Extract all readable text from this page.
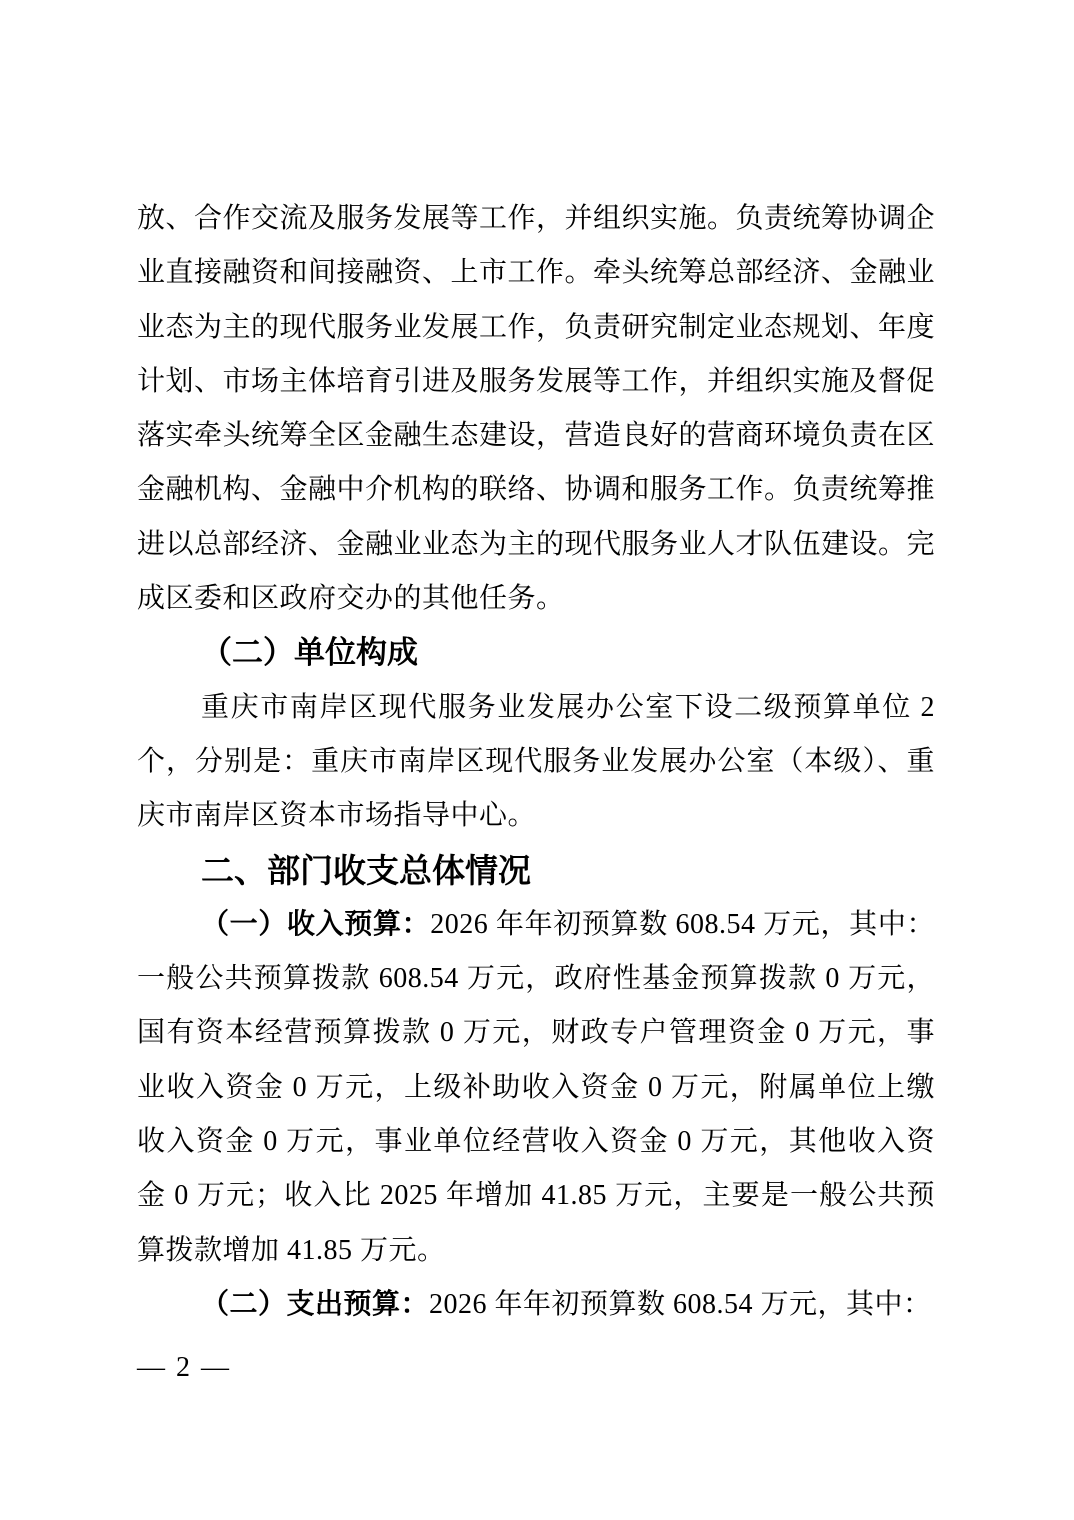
放、合作交流及服务发展等工作，并组织实施。负责统筹协调企业直接融资和间接融资、上市工作。牵头统筹总部经济、金融业业态为主的现代服务业发展工作，负责研究制定业态规划、年度计划、市场主体培育引进及服务发展等工作，并组织实施及督促落实牵头统筹全区金融生态建设，营造良好的营商环境负责在区金融机构、金融中介机构的联络、协调和服务工作。负责统筹推进以总部经济、金融业业态为主的现代服务业人才队伍建设。完成区委和区政府交办的其他任务。

（二）单位构成

重庆市南岸区现代服务业发展办公室下设二级预算单位 2 个，分别是：重庆市南岸区现代服务业发展办公室（本级）、重庆市南岸区资本市场指导中心。

二、部门收支总体情况

（一）收入预算：2026 年年初预算数 608.54 万元，其中：一般公共预算拨款 608.54 万元，政府性基金预算拨款 0 万元，国有资本经营预算拨款 0 万元，财政专户管理资金 0 万元，事业收入资金 0 万元，上级补助收入资金 0 万元，附属单位上缴收入资金 0 万元，事业单位经营收入资金 0 万元，其他收入资金 0 万元；收入比 2025 年增加 41.85 万元，主要是一般公共预算拨款增加 41.85 万元。

（二）支出预算：2026 年年初预算数 608.54 万元，其中：

— 2 —
